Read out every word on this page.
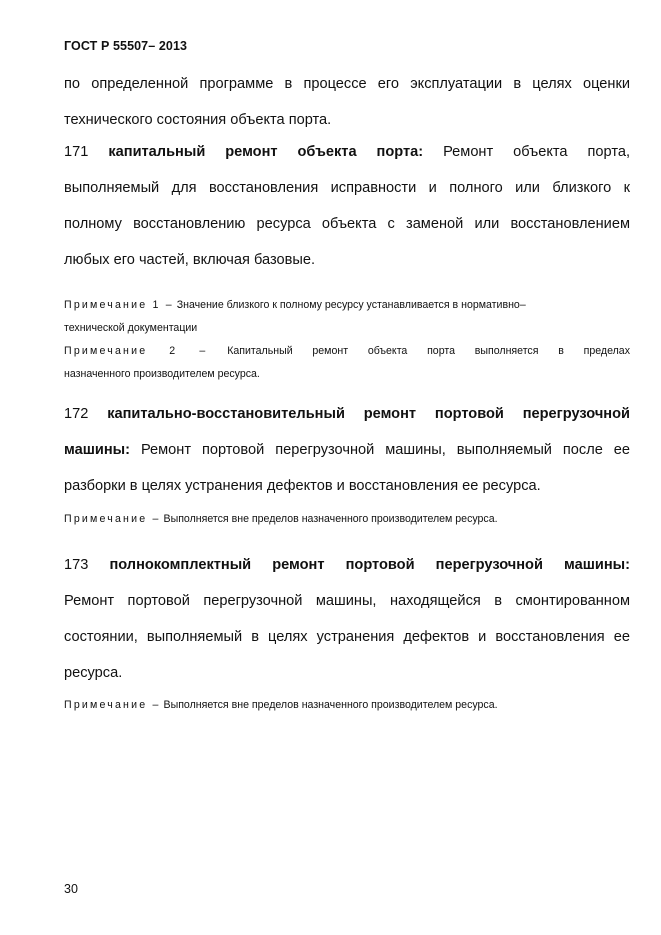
ГОСТ Р 55507– 2013
по определенной программе в процессе его эксплуатации в целях оценки
технического состояния объекта порта.
171 капитальный ремонт объекта порта: Ремонт объекта порта,
выполняемый для восстановления исправности и полного или близкого к
полному восстановлению ресурса объекта с заменой или восстановлением
любых его частей, включая базовые.
Примечание 1 – Значение близкого к полному ресурсу устанавливается в нормативно–
технической документации
Примечание 2 – Капитальный ремонт объекта порта выполняется в пределах
назначенного производителем ресурса.
172 капитально-восстановительный ремонт портовой перегрузочной
машины: Ремонт портовой перегрузочной машины, выполняемый после ее
разборки в целях устранения дефектов и восстановления ее ресурса.
Примечание – Выполняется вне пределов назначенного производителем ресурса.
173 полнокомплектный ремонт портовой перегрузочной машины:
Ремонт портовой перегрузочной машины, находящейся в смонтированном
состоянии, выполняемый в целях устранения дефектов и восстановления ее
ресурса.
Примечание – Выполняется вне пределов назначенного производителем ресурса.
30
